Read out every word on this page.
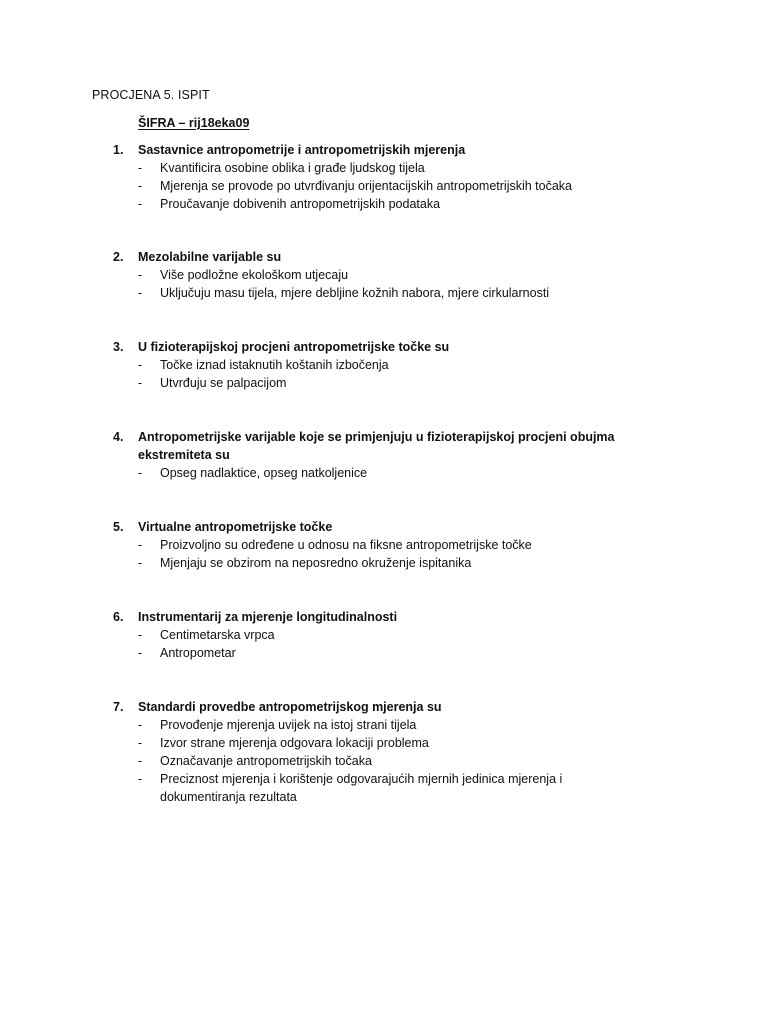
PROCJENA 5. ISPIT
ŠIFRA – rij18eka09
1. Sastavnice antropometrije i antropometrijskih mjerenja
- Kvantificira osobine oblika i građe ljudskog tijela
- Mjerenja se provode po utvrđivanju orijentacijskih antropometrijskih točaka
- Proučavanje dobivenih antropometrijskih podataka
2. Mezolabilne varijable su
- Više podložne ekološkom utjecaju
- Uključuju masu tijela, mjere debljine kožnih nabora, mjere cirkularnosti
3. U fizioterapijskoj procjeni antropometrijske točke su
- Točke iznad istaknutih koštanih izbočenja
- Utvrđuju se palpacijom
4. Antropometrijske varijable koje se primjenjuju u fizioterapijskoj procjeni obujma ekstremiteta su
- Opseg nadlaktice, opseg natkoljenice
5. Virtualne antropometrijske točke
- Proizvoljno su određene u odnosu na fiksne antropometrijske točke
- Mjenjaju se obzirom na neposredno okruženje ispitanika
6. Instrumentarij za mjerenje longitudinalnosti
- Centimetarska vrpca
- Antropometar
7. Standardi provedbe antropometrijskog mjerenja su
- Provođenje mjerenja uvijek na istoj strani tijela
- Izvor strane mjerenja odgovara lokaciji problema
- Označavanje antropometrijskih točaka
- Preciznost mjerenja i korištenje odgovarajućih mjernih jedinica mjerenja i dokumentiranja rezultata
